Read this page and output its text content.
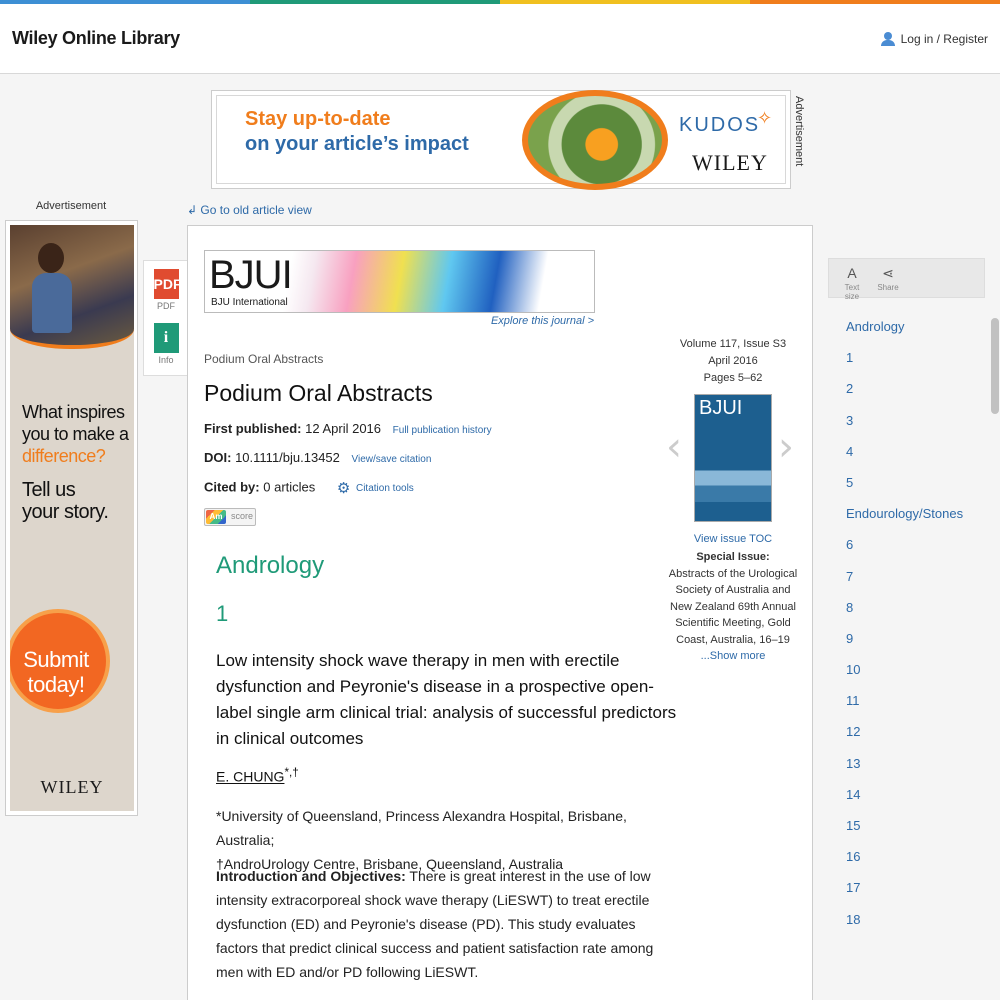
Wiley Online Library	Log in / Register
Stay up-to-date
on your article’s impact
KUDOS
✧
WILEY Advertisement
Advertisement
What inspires
you to make a
difference?
Tell us
your story.
Submit
today!
WILEY
↲ Go to old article view
PDF
PDF
i
Info
BJUI
BJU International
Explore this journal >
Podium Oral Abstracts
Podium Oral Abstracts
First published: 12 April 2016 Full publication history
DOI: 10.1111/bju.13452 View/save citation
Cited by: 0 articles ⚙ Citation tools
Am score
Andrology
1
Low intensity shock wave therapy in men with erectile dysfunction and Peyronie's disease in a prospective open-label single arm clinical trial: analysis of successful predictors in clinical outcomes
E. CHUNG*,†
*University of Queensland, Princess Alexandra Hospital, Brisbane, Australia;
†AndroUrology Centre, Brisbane, Queensland, Australia
Introduction and Objectives: There is great interest in the use of low intensity extracorporeal shock wave therapy (LiESWT) to treat erectile dysfunction (ED) and Peyronie's disease (PD). This study evaluates factors that predict clinical success and patient satisfaction rate among men with ED and/or PD following LiESWT.
Volume 117, Issue S3
April 2016
Pages 5–62
‹
BJUI
›
View issue TOC
Special Issue:
Abstracts of the Urological Society of Australia and New Zealand 69th Annual Scientific Meeting, Gold Coast, Australia, 16–19
...Show more
A
Text size
⋖
Share
Andrology
1
2
3
4
5
Endourology/Stones
6
7
8
9
10
11
12
13
14
15
16
17
18
